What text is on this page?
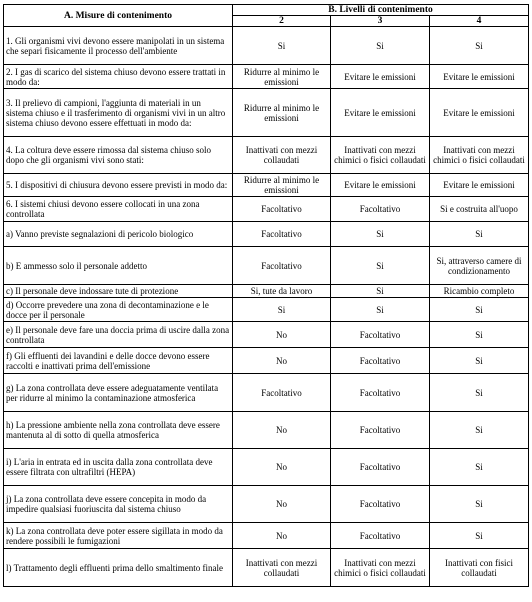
A. Misure di contenimento	B. Livelli di contenimento		
	2	3	4
1. Gli organismi vivi devono essere manipolati in un sistema che separi fisicamente il processo dell'ambiente	Si	Si	Si
2. I gas di scarico del sistema chiuso devono essere trattati in modo da:	Ridurre al minimo le emissioni	Evitare le emissioni	Evitare le emissioni
3. Il prelievo di campioni, l'aggiunta di materiali in un sistema chiuso e il trasferimento di organismi vivi in un altro sistema chiuso devono essere effettuati in modo da:	Ridurre al minimo le emissioni	Evitare le emissioni	Evitare le emissioni
4. La coltura deve essere rimossa dal sistema chiuso solo dopo che gli organismi vivi sono stati:	Inattivati con mezzi collaudati	Inattivati con mezzi chimici o fisici collaudati	Inattivati con mezzi chimici o fisici collaudati
5. I dispositivi di chiusura devono essere previsti in modo da:	Ridurre al minimo le emissioni	Evitare le emissioni	Evitare le emissioni
6. I sistemi chiusi devono essere collocati in una zona controllata	Facoltativo	Facoltativo	Si e costruita all'uopo
a) Vanno previste segnalazioni di pericolo biologico	Facoltativo	Si	Si
b) E ammesso solo il personale addetto	Facoltativo	Si	Si, attraverso camere di condizionamento
c) Il personale deve indossare tute di protezione	Si, tute da lavoro	Si	Ricambio completo
d) Occorre prevedere una zona di decontaminazione e le docce per il personale	Si	Si	Si
e) Il personale deve fare una doccia prima di uscire dalla zona controllata	No	Facoltativo	Si
f) Gli effluenti dei lavandini e delle docce devono essere raccolti e inattivati prima dell'emissione	No	Facoltativo	Si
g) La zona controllata deve essere adeguatamente ventilata per ridurre al minimo la contaminazione atmosferica	Facoltativo	Facoltativo	Si
h) La pressione ambiente nella zona controllata deve essere mantenuta al di sotto di quella atmosferica	No	Facoltativo	Si
i) L'aria in entrata ed in uscita dalla zona controllata deve essere filtrata con ultrafiltri (HEPA)	No	Facoltativo	Si
j) La zona controllata deve essere concepita in modo da impedire qualsiasi fuoriuscita dal sistema chiuso	No	Facoltativo	Si
k) La zona controllata deve poter essere sigillata in modo da rendere possibili le fumigazioni	No	Facoltativo	Si
l) Trattamento degli effluenti prima dello smaltimento finale	Inattivati con mezzi collaudati	Inattivati con mezzi chimici o fisici collaudati	Inattivati con fisici collaudati
